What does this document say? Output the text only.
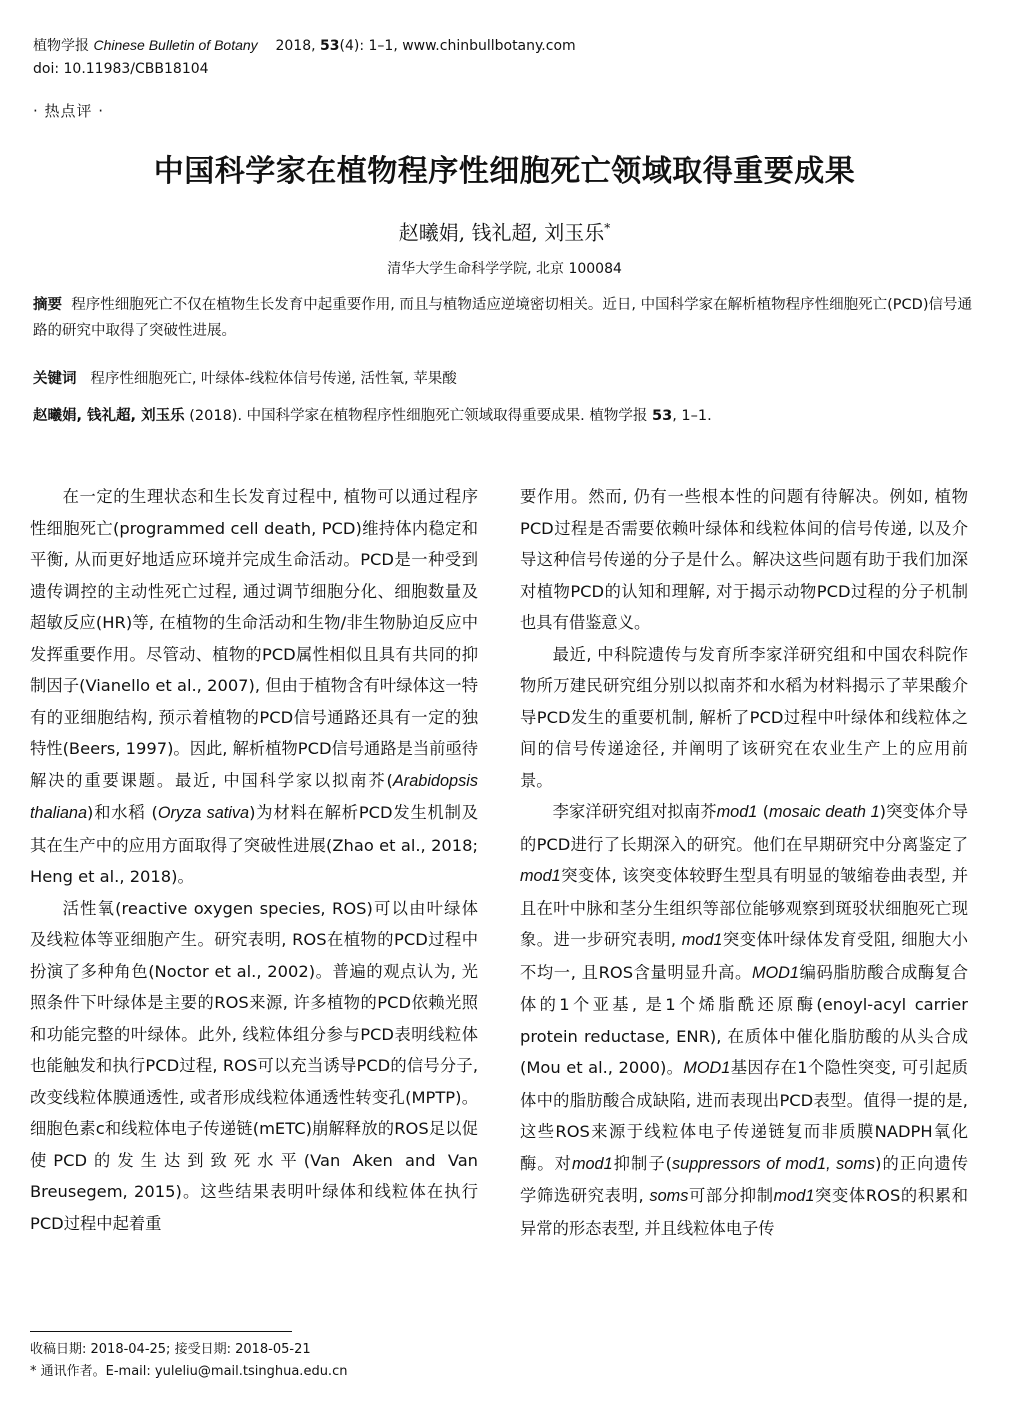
植物学报 Chinese Bulletin of Botany 2018, 53(4): 1–1, www.chinbullbotany.com
doi: 10.11983/CBB18104
· 热点评 ·
中国科学家在植物程序性细胞死亡领域取得重要成果
赵曦娟, 钱礼超, 刘玉乐*
清华大学生命科学学院, 北京 100084
摘要 程序性细胞死亡不仅在植物生长发育中起重要作用, 而且与植物适应逆境密切相关。近日, 中国科学家在解析植物程序性细胞死亡(PCD)信号通路的研究中取得了突破性进展。
关键词 程序性细胞死亡, 叶绿体-线粒体信号传递, 活性氧, 苹果酸
赵曦娟, 钱礼超, 刘玉乐 (2018). 中国科学家在植物程序性细胞死亡领域取得重要成果. 植物学报 53, 1–1.

在一定的生理状态和生长发育过程中, 植物可以通过程序性细胞死亡(programmed cell death, PCD)维持体内稳定和平衡, 从而更好地适应环境并完成生命活动。PCD是一种受到遗传调控的主动性死亡过程, 通过调节细胞分化、细胞数量及超敏反应(HR)等, 在植物的生命活动和生物/非生物胁迫反应中发挥重要作用。尽管动、植物的PCD属性相似且具有共同的抑制因子(Vianello et al., 2007), 但由于植物含有叶绿体这一特有的亚细胞结构, 预示着植物的PCD信号通路还具有一定的独特性(Beers, 1997)。因此, 解析植物PCD信号通路是当前亟待解决的重要课题。最近, 中国科学家以拟南芥(Arabidopsis thaliana)和水稻 (Oryza sativa)为材料在解析PCD发生机制及其在生产中的应用方面取得了突破性进展(Zhao et al., 2018; Heng et al., 2018)。

活性氧(reactive oxygen species, ROS)可以由叶绿体及线粒体等亚细胞产生。研究表明, ROS在植物的PCD过程中扮演了多种角色(Noctor et al., 2002)。普遍的观点认为, 光照条件下叶绿体是主要的ROS来源, 许多植物的PCD依赖光照和功能完整的叶绿体。此外, 线粒体组分参与PCD表明线粒体也能触发和执行PCD过程, ROS可以充当诱导PCD的信号分子, 改变线粒体膜通透性, 或者形成线粒体通透性转变孔(MPTP)。细胞色素c和线粒体电子传递链(mETC)崩解释放的ROS足以促使PCD的发生达到致死水平(Van Aken and Van Breusegem, 2015)。这些结果表明叶绿体和线粒体在执行PCD过程中起着重

要作用。然而, 仍有一些根本性的问题有待解决。例如, 植物PCD过程是否需要依赖叶绿体和线粒体间的信号传递, 以及介导这种信号传递的分子是什么。解决这些问题有助于我们加深对植物PCD的认知和理解, 对于揭示动物PCD过程的分子机制也具有借鉴意义。

最近, 中科院遗传与发育所李家洋研究组和中国农科院作物所万建民研究组分别以拟南芥和水稻为材料揭示了苹果酸介导PCD发生的重要机制, 解析了PCD过程中叶绿体和线粒体之间的信号传递途径, 并阐明了该研究在农业生产上的应用前景。

李家洋研究组对拟南芥mod1 (mosaic death 1)突变体介导的PCD进行了长期深入的研究。他们在早期研究中分离鉴定了mod1突变体, 该突变体较野生型具有明显的皱缩卷曲表型, 并且在叶中脉和茎分生组织等部位能够观察到斑驳状细胞死亡现象。进一步研究表明, mod1突变体叶绿体发育受阻, 细胞大小不均一, 且ROS含量明显升高。MOD1编码脂肪酸合成酶复合体的1个亚基, 是1个烯脂酰还原酶(enoyl-acyl carrier protein reductase, ENR), 在质体中催化脂肪酸的从头合成(Mou et al., 2000)。MOD1基因存在1个隐性突变, 可引起质体中的脂肪酸合成缺陷, 进而表现出PCD表型。值得一提的是, 这些ROS来源于线粒体电子传递链复而非质膜NADPH氧化酶。对mod1抑制子(suppressors of mod1, soms)的正向遗传学筛选研究表明, soms可部分抑制mod1突变体ROS的积累和异常的形态表型, 并且线粒体电子传

收稿日期: 2018-04-25; 接受日期: 2018-05-21
* 通讯作者。E-mail: yuleliu@mail.tsinghua.edu.cn
